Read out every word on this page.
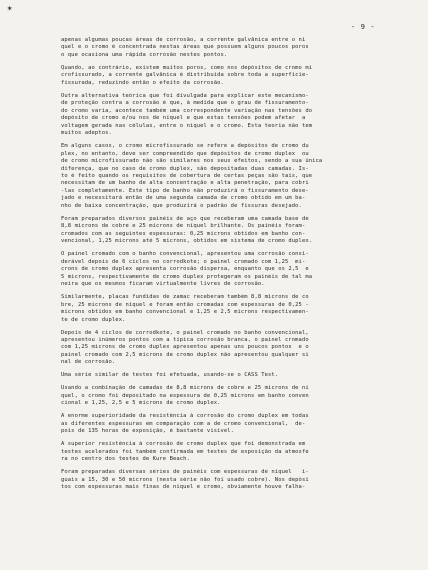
✶
- 9 -
apenas algumas poucas áreas de corrosão, a corrente galvânica entre o ní
quel e o cromo é concentrada nestas áreas que possuem alguns poucos poros
o que ocasiona uma rápida corrosão nestes pontos.
Quando, ao contrário, existem muitos poros, como nos depósitos de cromo mi
crofissurado, a corrente galvânica é distribuída sobre toda a superfície-
fissurada, reduzindo então o efeito da corrosão.
Outra alternativa teórica que foi divulgada para explicar este mecanismo-
de proteção contra a corrosão é que, à medida que o grau de fissuramento-
do cromo varia, acontece também uma correspondente variação nas tensões do
depósito de cromo e/ou nos de níquel e que estas tensões podem afetar  a
voltagem gerada nas células, entre o níquel e o cromo. Esta teoria não tem
muitos adeptos.
Em alguns casos, o cromo microfissurado se refere a depósitos de cromo du
plex, no entanto, deve ser compreendido que depósitos de cromo duplex  ou
de cromo microfissurado não são similares nos seus efeitos, sendo a sua única
diferença, que no caso de cromo duplex, são depositadas duas camadas. Is-
to é feito quando os requisitos de cobertura de certas peças são tais, que
necessitam de um banho de alta concentração e alta penetração, para cobri
-las completamente. Êste tipo de banho não produzirá o fissuramento dese-
jado e necessitará então de uma segunda camada de cromo obtido em um ba-
nho de baixa concentração, que produzirá o padrão de fissuras desejado.
Foram preparados diversos painéis de aço que receberam uma camada base de
8,8 microns de cobre e 25 microns de níquel brilhante. Os painéis foram-
cromados com as seguintes espessuras: 0,25 microns obtidos em banho con-
vencional, 1,25 microns até 5 microns, obtidos em sistema de cromo duplex.
O painel cromado com o banho convencional, apresentou uma corrosão consi-
derável depois de 6 ciclos no corrodkote; o painel cromado com 1,25  mi-
crons de cromo duplex apresenta corrosão dispersa, enquanto que os 2,5  e
5 microns, respectivamente de cromo duplex protegeram os painéis de tal ma
neira que os mesmos ficaram virtualmente livres de corrosão.
Similarmente, placas fundidas de zamac receberam também 8,8 microns de co
bre, 25 microns de níquel e foram então cromadas com espessuras de 0,25 -
microns obtidos em banho convencional e 1,25 e 2,5 microns respectivamen-
te de cromo duplex.
Depois de 4 ciclos de corrodkote, o painel cromado no banho convencional,
apresentou inúmeros pontos com a típica corrosão branca, o painel cromado
com 1,25 microns de cromo duplex apresentou apenas uns poucos pontos  e o
painel cromado com 2,5 microns de cromo duplex não apresentou qualquer si
nal de corrosão.
Uma série similar de testes foi efetuada, usando-se o CASS Test.
Usando a combinação de camadas de 8,8 microns de cobre e 25 microns de ní
quel, o cromo foi depositado na espessura de 0,25 microns em banho conven
cional e 1,25, 2,5 e 5 microns de cromo duplex.
A enorme superioridade da resistência à corrosão do cromo duplex em todas
as diferentes espessuras em comparação com a de cromo convencional,  de-
pois de 135 horas de exposição, é bastante visível.
A superior resistência à corrosão de cromo duplex que foi demonstrada em
testes acelerados foi também confirmada em testes de exposição da atmosfe
ra no centro dos testes de Kure Beach.
Foram preparadas diversas séries de painéis com espessuras de níquel   i-
guais a 15, 30 e 50 microns (nesta série não foi usado cobre). Nos depósi
tos com espessuras mais finas de níquel e cromo, obviamente houve falha-
